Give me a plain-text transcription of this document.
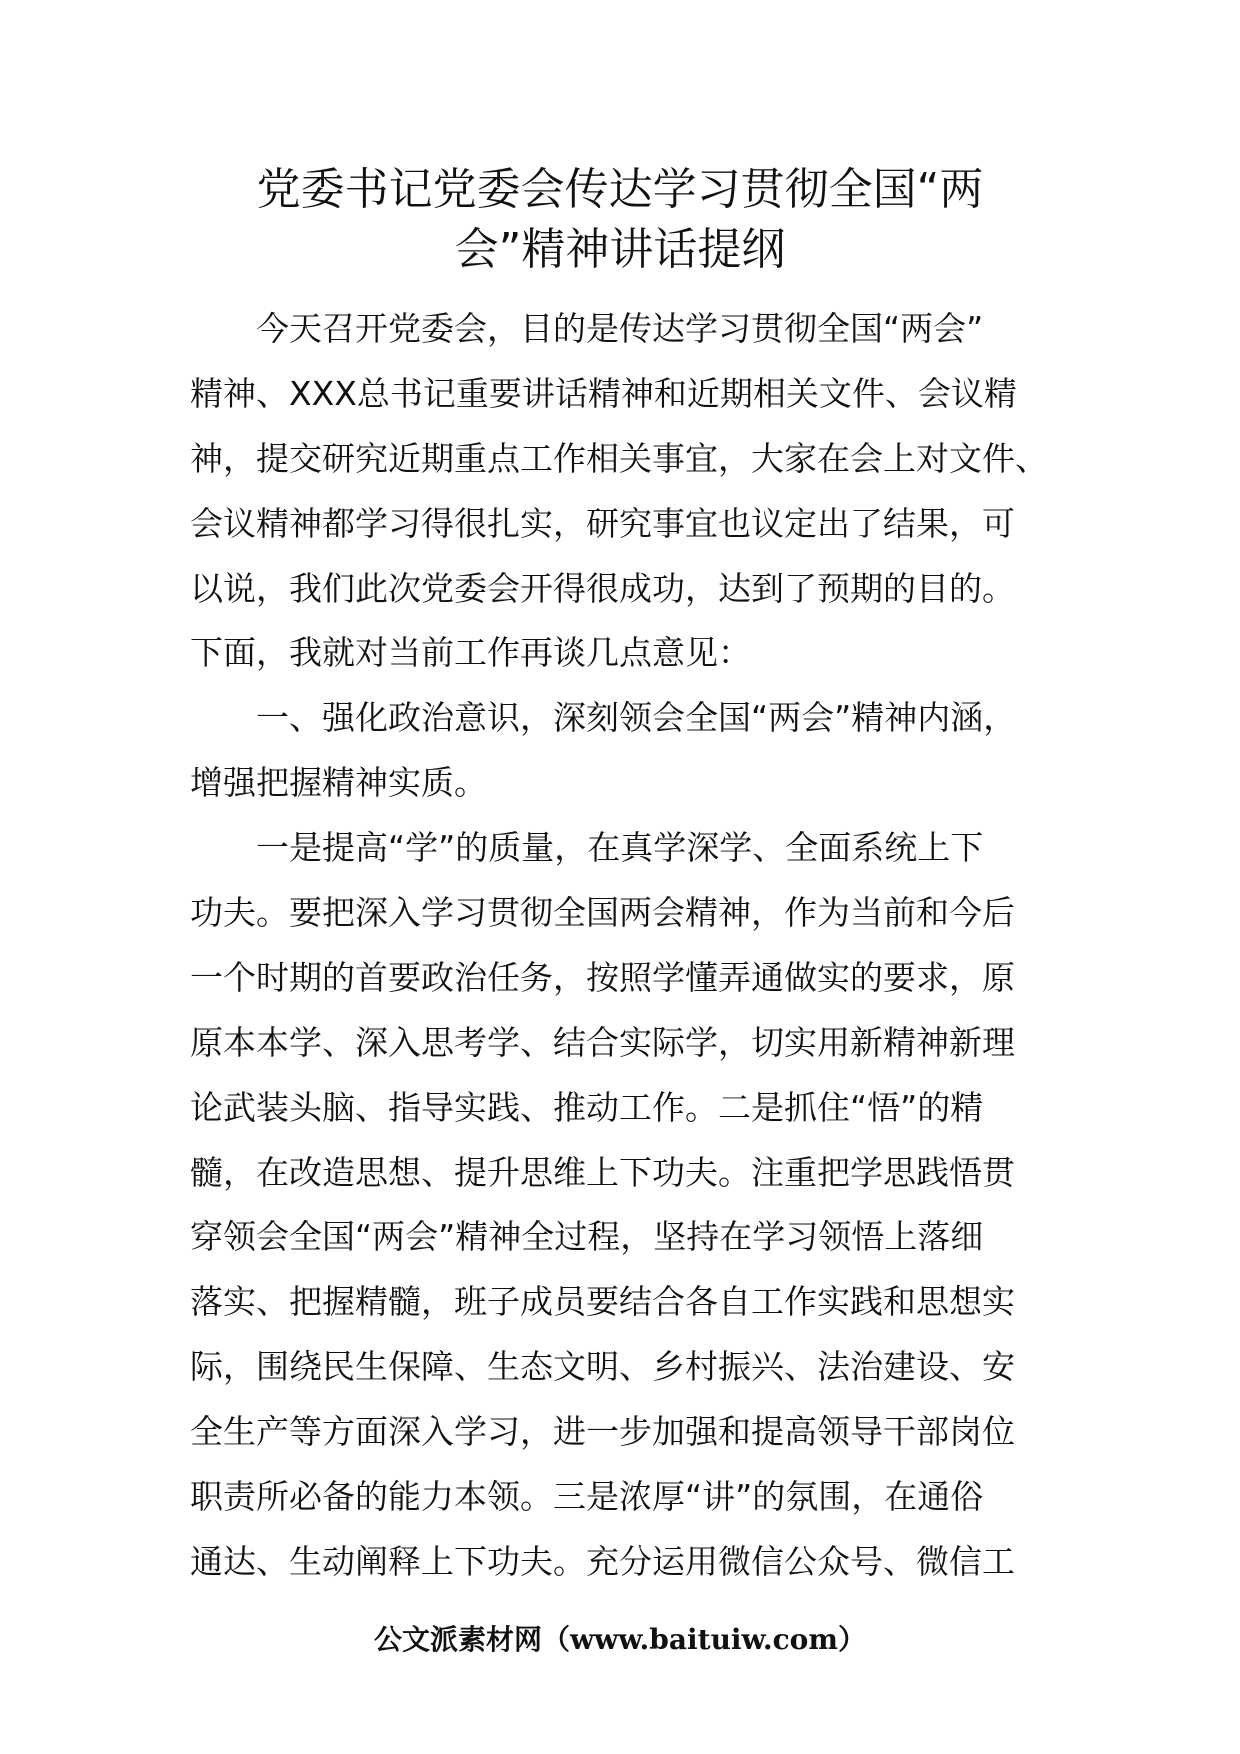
党委书记党委会传达学习贯彻全国“两
会”精神讲话提纲
今天召开党委会，目的是传达学习贯彻全国“两会”
精神、XXX总书记重要讲话精神和近期相关文件、会议精
神，提交研究近期重点工作相关事宜，大家在会上对文件、
会议精神都学习得很扎实，研究事宜也议定出了结果，可
以说，我们此次党委会开得很成功，达到了预期的目的。
下面，我就对当前工作再谈几点意见：
一、强化政治意识，深刻领会全国“两会”精神内涵，
增强把握精神实质。
一是提高“学”的质量，在真学深学、全面系统上下
功夫。要把深入学习贯彻全国两会精神，作为当前和今后
一个时期的首要政治任务，按照学懂弄通做实的要求，原
原本本学、深入思考学、结合实际学，切实用新精神新理
论武装头脑、指导实践、推动工作。二是抓住“悟”的精
髓，在改造思想、提升思维上下功夫。注重把学思践悟贯
穿领会全国“两会”精神全过程，坚持在学习领悟上落细
落实、把握精髓，班子成员要结合各自工作实践和思想实
际，围绕民生保障、生态文明、乡村振兴、法治建设、安
全生产等方面深入学习，进一步加强和提高领导干部岗位
职责所必备的能力本领。三是浓厚“讲”的氛围，在通俗
通达、生动阐释上下功夫。充分运用微信公众号、微信工
公文派素材网（www.baituiw.com）
